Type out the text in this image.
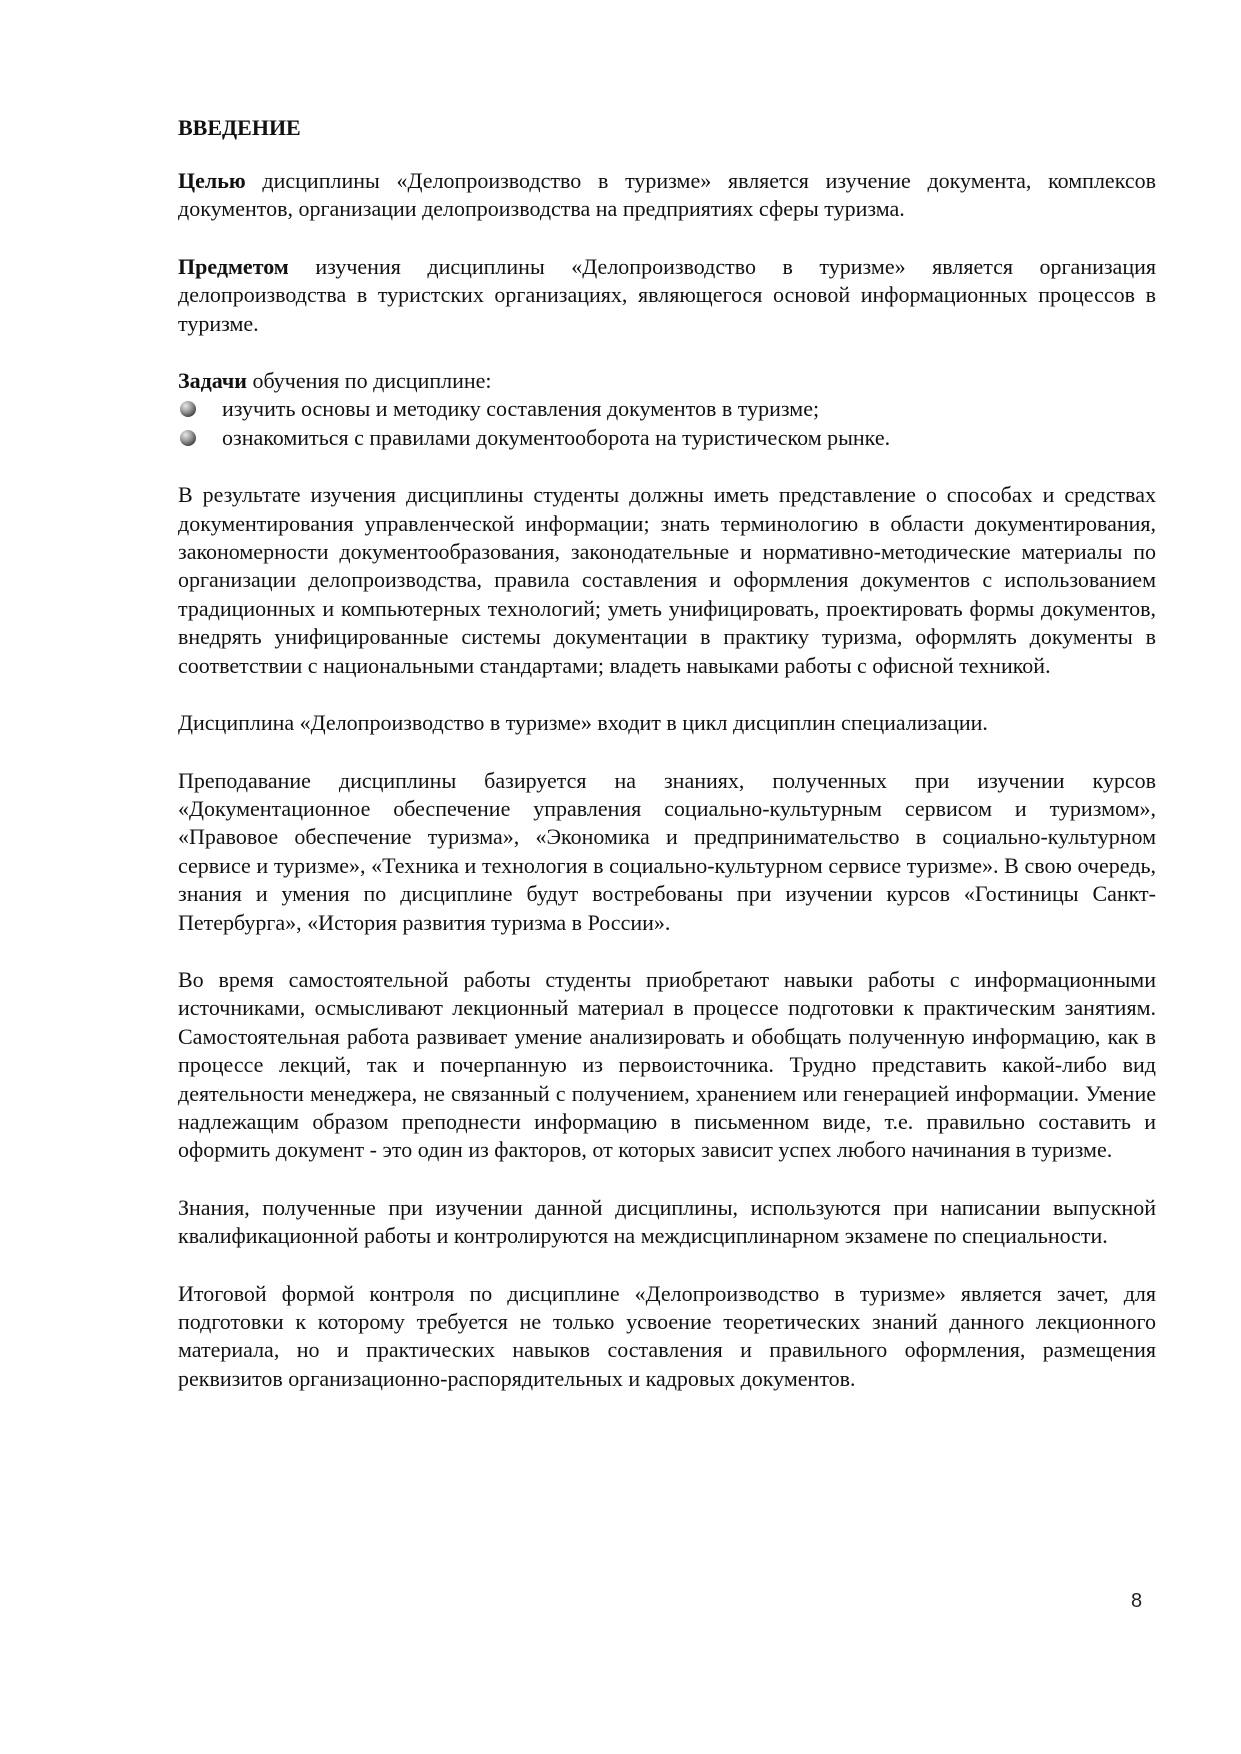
ВВЕДЕНИЕ

Целью дисциплины «Делопроизводство в туризме» является изучение документа, комплексов документов, организации делопроизводства на предприятиях сферы туризма.

Предметом изучения дисциплины «Делопроизводство в туризме» является организация делопроизводства в туристских организациях, являющегося основой информационных процессов в туризме.

Задачи обучения по дисциплине:

изучить основы и методику составления документов в туризме;
ознакомиться с правилами документооборота на туристическом рынке.

В результате изучения дисциплины студенты должны иметь представление о способах и средствах документирования управленческой информации; знать терминологию в области документирования, закономерности документообразования, законодательные и нормативно-методические материалы по организации делопроизводства, правила составления и оформления документов с использованием традиционных и компьютерных технологий; уметь унифицировать, проектировать формы документов, внедрять унифицированные системы документации в практику туризма, оформлять документы в соответствии с национальными стандартами; владеть навыками работы с офисной техникой.

Дисциплина «Делопроизводство в туризме» входит в цикл дисциплин специализации.

Преподавание дисциплины базируется на знаниях, полученных при изучении курсов «Документационное обеспечение управления социально-культурным сервисом и туризмом», «Правовое обеспечение туризма», «Экономика и предпринимательство в социально-культурном сервисе и туризме», «Техника и технология в социально-культурном сервисе туризме». В свою очередь, знания и умения по дисциплине будут востребованы при изучении курсов «Гостиницы Санкт-Петербурга», «История развития туризма в России».

Во время самостоятельной работы студенты приобретают навыки работы с информационными источниками, осмысливают лекционный материал в процессе подготовки к практическим занятиям. Самостоятельная работа развивает умение анализировать и обобщать полученную информацию, как в процессе лекций, так и почерпанную из первоисточника. Трудно представить какой-либо вид деятельности менеджера, не связанный с получением, хранением или генерацией информации. Умение надлежащим образом преподнести информацию в письменном виде, т.е. правильно составить и оформить документ - это один из факторов, от которых зависит успех любого начинания в туризме.

Знания, полученные при изучении данной дисциплины, используются при написании выпускной квалификационной работы и контролируются на междисциплинарном экзамене по специальности.

Итоговой формой контроля по дисциплине «Делопроизводство в туризме» является зачет, для подготовки к которому требуется не только усвоение теоретических знаний данного лекционного материала, но и практических навыков составления и правильного оформления, размещения реквизитов организационно-распорядительных и кадровых документов.

8
